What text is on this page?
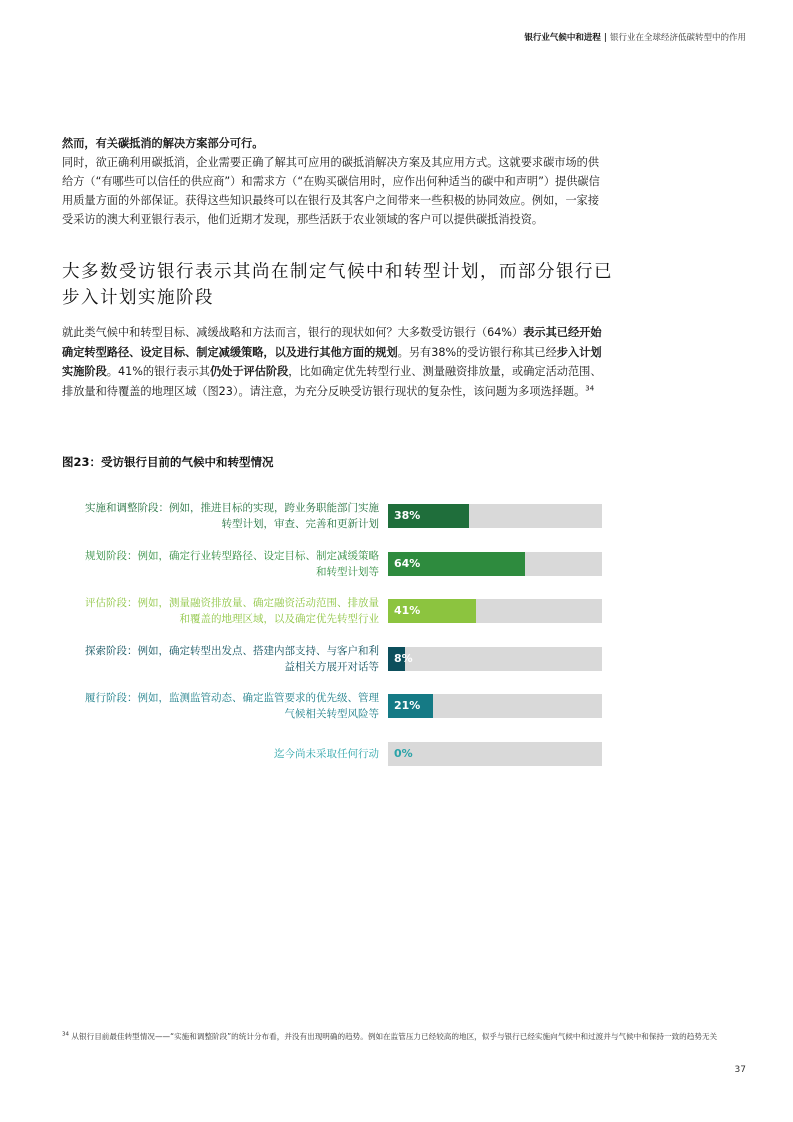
银行业气候中和进程 | 银行业在全球经济低碳转型中的作用
然而，有关碳抵消的解决方案部分可行。
同时，欲正确利用碳抵消，企业需要正确了解其可应用的碳抵消解决方案及其应用方式。这就要求碳市场的供给方（“有哪些可以信任的供应商”）和需求方（“在购买碳信用时，应作出何种适当的碳中和声明”）提供碳信用质量方面的外部保证。获得这些知识最终可以在银行及其客户之间带来一些积极的协同效应。例如，一家接受采访的澳大利亚银行表示，他们近期才发现，那些活跃于农业领域的客户可以提供碳抵消投资。
大多数受访银行表示其尚在制定气候中和转型计划，而部分银行已步入计划实施阶段
就此类气候中和转型目标、减缓战略和方法而言，银行的现状如何？大多数受访银行（64%）表示其已经开始确定转型路径、设定目标、制定减缓策略，以及进行其他方面的规划。另有38%的受访银行称其已经步入计划实施阶段。41%的银行表示其仍处于评估阶段，比如确定优先转型行业、测量融资排放量，或确定活动范围、排放量和待覆盖的地理区域（图23）。请注意，为充分反映受访银行现状的复杂性，该问题为多项选择题。$^{34}$
图23：受访银行目前的气候中和转型情况
实施和调整阶段：例如，推进目标的实现，跨业务职能部门实施
转型计划，审查、完善和更新计划
38%
规划阶段：例如，确定行业转型路径、设定目标、制定减缓策略
和转型计划等
64%
评估阶段：例如，测量融资排放量、确定融资活动范围、排放量
和覆盖的地理区域，以及确定优先转型行业
41%
探索阶段：例如，确定转型出发点、搭建内部支持、与客户和利
益相关方展开对话等
8%
履行阶段：例如，监测监管动态、确定监管要求的优先级、管理
气候相关转型风险等
21%
迄今尚未采取任何行动 0%
$^{34}$ 从银行目前最佳转型情况——“实施和调整阶段”的统计分布看，并没有出现明确的趋势。例如在监管压力已经较高的地区，似乎与银行已经实施向气候中和过渡并与气候中和保持一致的趋势无关
37
